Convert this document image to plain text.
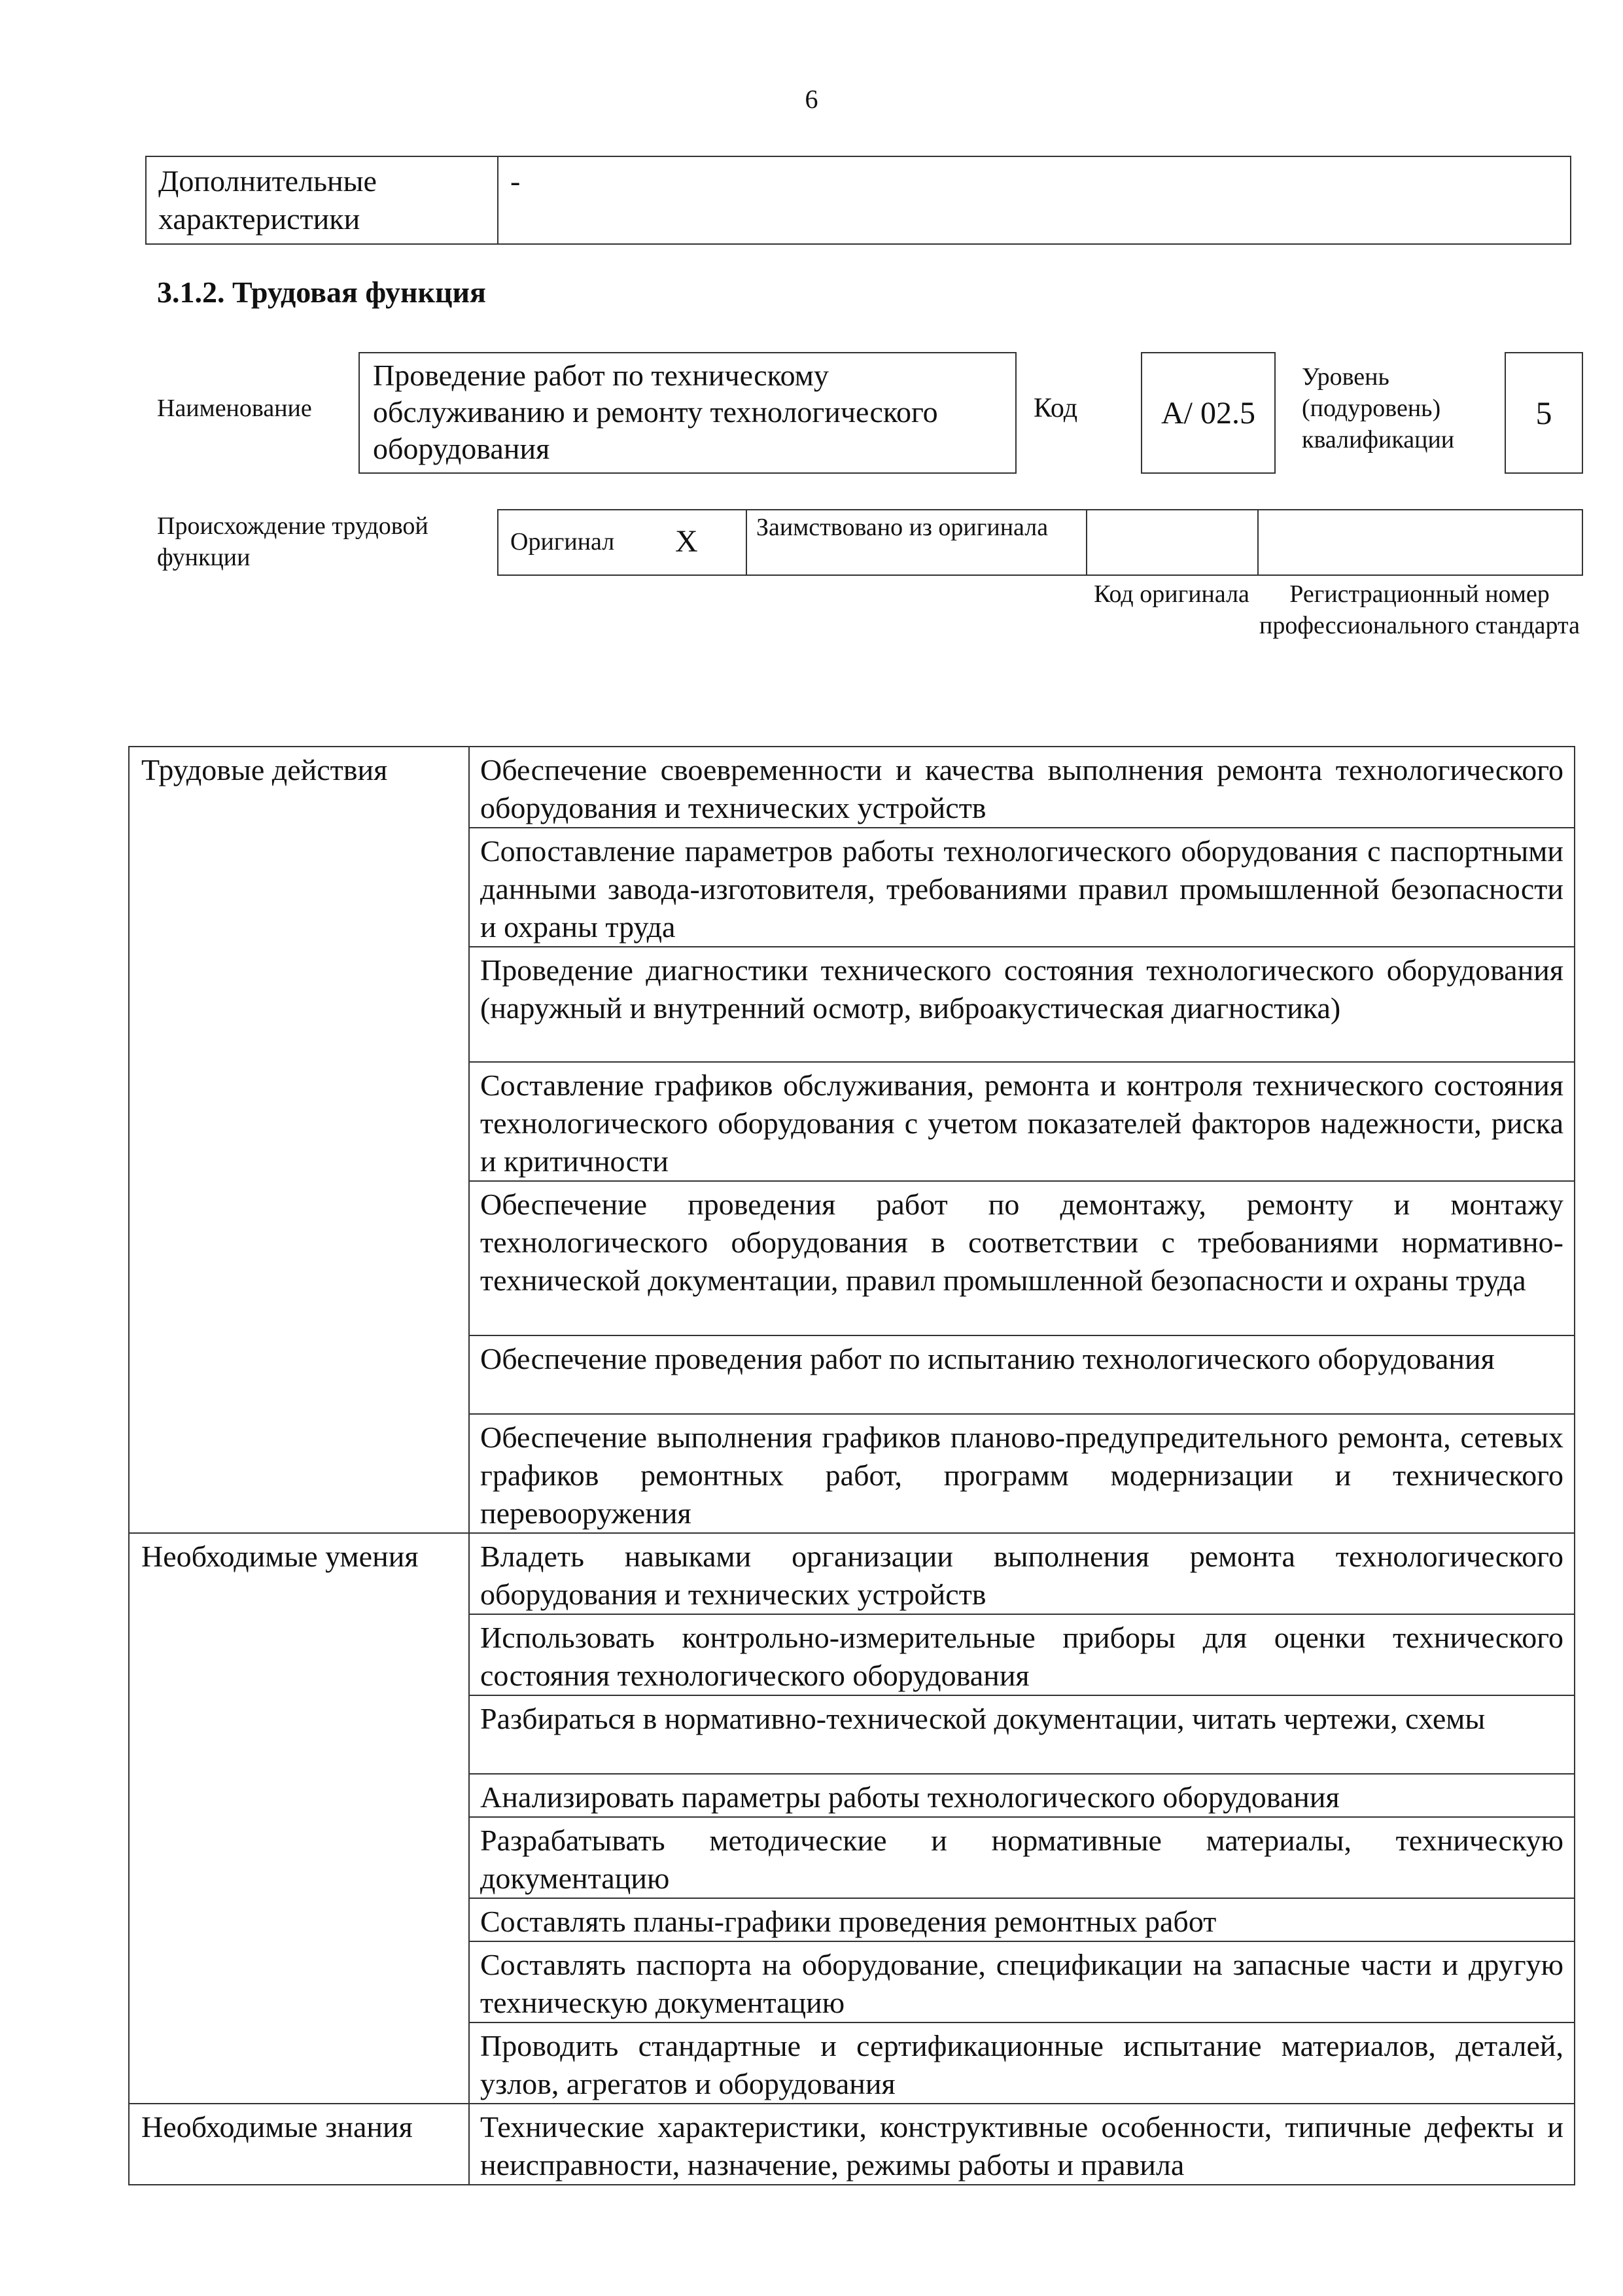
6
Дополнительные характеристики	-
3.1.2. Трудовая функция
Наименование
Проведение работ по техническому обслуживанию и ремонту технологического оборудования
Код	А/ 02.5
Уровень (подуровень) квалификации
5
Происхождение трудовой функции
Оригинал X Заимствовано из оригинала
Код оригинала	Регистрационный номер профессионального стандарта
Трудовые действия	Обеспечение своевременности и качества выполнения ремонта технологического оборудования и технических устройств
	Сопоставление параметров работы технологического оборудования с паспортными данными завода-изготовителя, требованиями правил промышленной безопасности и охраны труда
	Проведение диагностики технического состояния технологического оборудования (наружный и внутренний осмотр, виброакустическая диагностика)
	Составление графиков обслуживания, ремонта и контроля технического состояния технологического оборудования с учетом показателей факторов надежности, риска и критичности
	Обеспечение проведения работ по демонтажу, ремонту и монтажу технологического оборудования в соответствии с требованиями нормативно-технической документации, правил промышленной безопасности и охраны труда
	Обеспечение проведения работ по испытанию технологического оборудования
	Обеспечение выполнения графиков планово-предупредительного ремонта, сетевых графиков ремонтных работ, программ модернизации и технического перевооружения
Необходимые умения	Владеть навыками организации выполнения ремонта технологического оборудования и технических устройств
	Использовать контрольно-измерительные приборы для оценки технического состояния технологического оборудования
	Разбираться в нормативно-технической документации, читать чертежи, схемы
	Анализировать параметры работы технологического оборудования
	Разрабатывать методические и нормативные материалы, техническую документацию
	Составлять планы-графики проведения ремонтных работ
	Составлять паспорта на оборудование, спецификации на запасные части и другую техническую документацию
	Проводить стандартные и сертификационные испытание материалов, деталей, узлов, агрегатов и оборудования
Необходимые знания	Технические характеристики, конструктивные особенности, типичные дефекты и неисправности, назначение, режимы работы и правила
